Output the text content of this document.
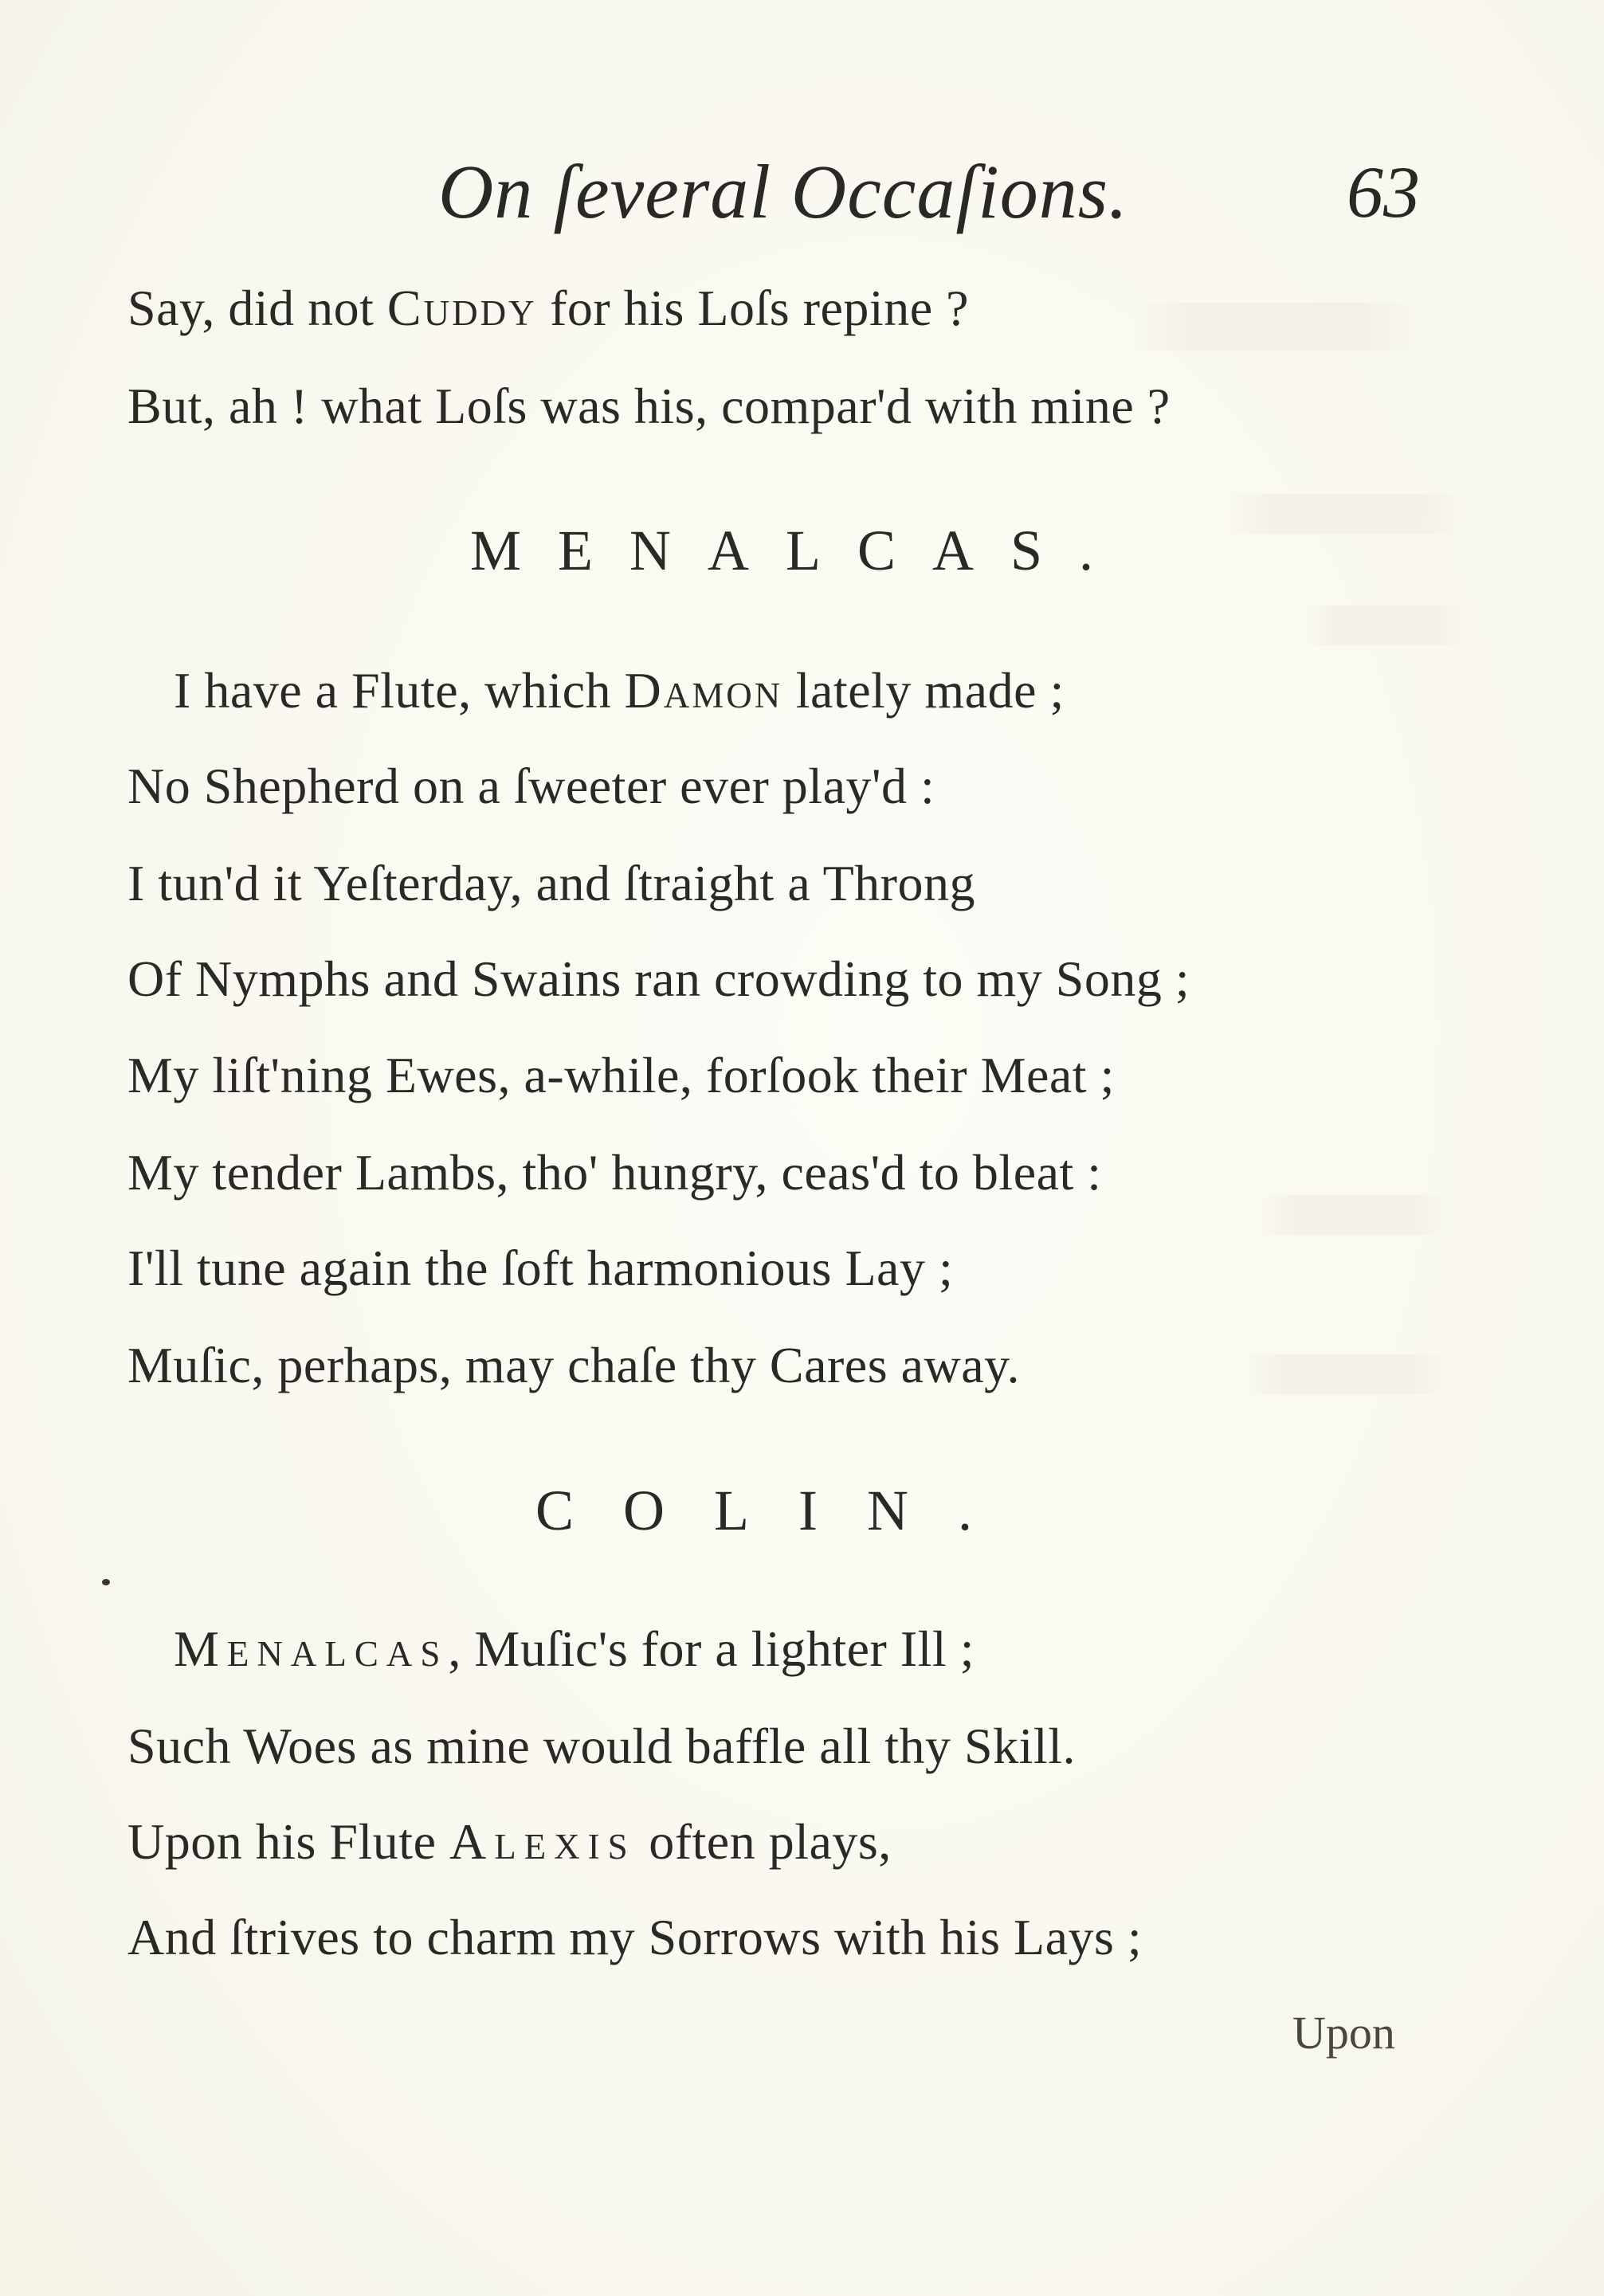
On ſeveral Occaſions.	63
Say, did not Cuddy for his Loſs repine ?
But, ah ! what Loſs was his, compar'd with mine ?
MENALCAS.
I have a Flute, which Damon lately made ;
No Shepherd on a ſweeter ever play'd :
I tun'd it Yeſterday, and ſtraight a Throng
Of Nymphs and Swains ran crowding to my Song ;
My liſt'ning Ewes, a-while, forſook their Meat ;
My tender Lambs, tho' hungry, ceas'd to bleat :
I'll tune again the ſoft harmonious Lay ;
Muſic, perhaps, may chaſe thy Cares away.
COLIN.
Menalcas, Muſic's for a lighter Ill ;
Such Woes as mine would baffle all thy Skill.
Upon his Flute Alexis often plays,
And ſtrives to charm my Sorrows with his Lays ;
Upon
